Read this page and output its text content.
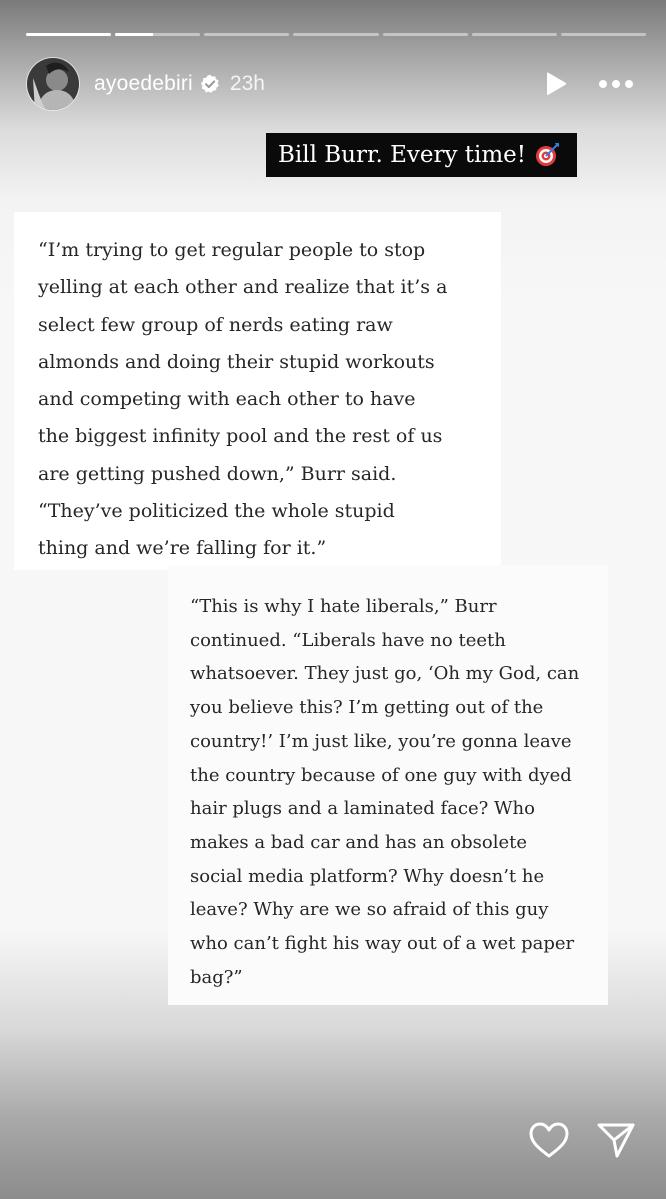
ayoedebiri 23h
Bill Burr. Every time!
“I’m trying to get regular people to stop
yelling at each other and realize that it’s a
select few group of nerds eating raw
almonds and doing their stupid workouts
and competing with each other to have
the biggest infinity pool and the rest of us
are getting pushed down,” Burr said.
“They’ve politicized the whole stupid
thing and we’re falling for it.”
“This is why I hate liberals,” Burr
continued. “Liberals have no teeth
whatsoever. They just go, ‘Oh my God, can
you believe this? I’m getting out of the
country!’ I’m just like, you’re gonna leave
the country because of one guy with dyed
hair plugs and a laminated face? Who
makes a bad car and has an obsolete
social media platform? Why doesn’t he
leave? Why are we so afraid of this guy
who can’t fight his way out of a wet paper
bag?”
